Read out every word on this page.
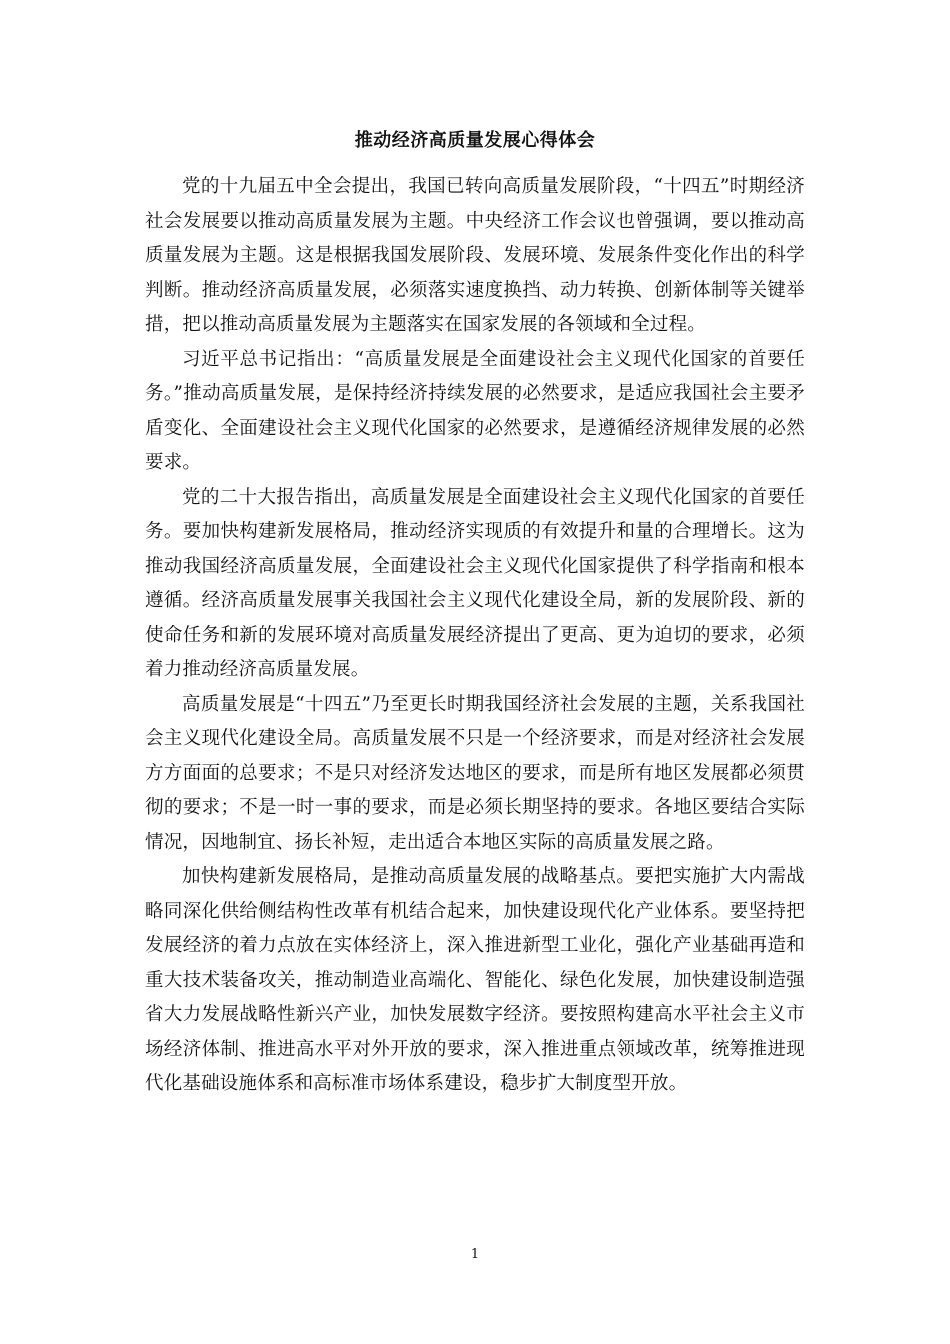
推动经济高质量发展心得体会

党的十九届五中全会提出，我国已转向高质量发展阶段，“十四五”时期经济社会发展要以推动高质量发展为主题。中央经济工作会议也曾强调，要以推动高质量发展为主题。这是根据我国发展阶段、发展环境、发展条件变化作出的科学判断。推动经济高质量发展，必须落实速度换挡、动力转换、创新体制等关键举措，把以推动高质量发展为主题落实在国家发展的各领域和全过程。

习近平总书记指出：“高质量发展是全面建设社会主义现代化国家的首要任务。”推动高质量发展，是保持经济持续发展的必然要求，是适应我国社会主要矛盾变化、全面建设社会主义现代化国家的必然要求，是遵循经济规律发展的必然要求。

党的二十大报告指出，高质量发展是全面建设社会主义现代化国家的首要任务。要加快构建新发展格局，推动经济实现质的有效提升和量的合理增长。这为推动我国经济高质量发展，全面建设社会主义现代化国家提供了科学指南和根本遵循。经济高质量发展事关我国社会主义现代化建设全局，新的发展阶段、新的使命任务和新的发展环境对高质量发展经济提出了更高、更为迫切的要求，必须着力推动经济高质量发展。

高质量发展是“十四五”乃至更长时期我国经济社会发展的主题，关系我国社会主义现代化建设全局。高质量发展不只是一个经济要求，而是对经济社会发展方方面面的总要求；不是只对经济发达地区的要求，而是所有地区发展都必须贯彻的要求；不是一时一事的要求，而是必须长期坚持的要求。各地区要结合实际情况，因地制宜、扬长补短，走出适合本地区实际的高质量发展之路。

加快构建新发展格局，是推动高质量发展的战略基点。要把实施扩大内需战略同深化供给侧结构性改革有机结合起来，加快建设现代化产业体系。要坚持把发展经济的着力点放在实体经济上，深入推进新型工业化，强化产业基础再造和重大技术装备攻关，推动制造业高端化、智能化、绿色化发展，加快建设制造强省大力发展战略性新兴产业，加快发展数字经济。要按照构建高水平社会主义市场经济体制、推进高水平对外开放的要求，深入推进重点领域改革，统筹推进现代化基础设施体系和高标准市场体系建设，稳步扩大制度型开放。

1
